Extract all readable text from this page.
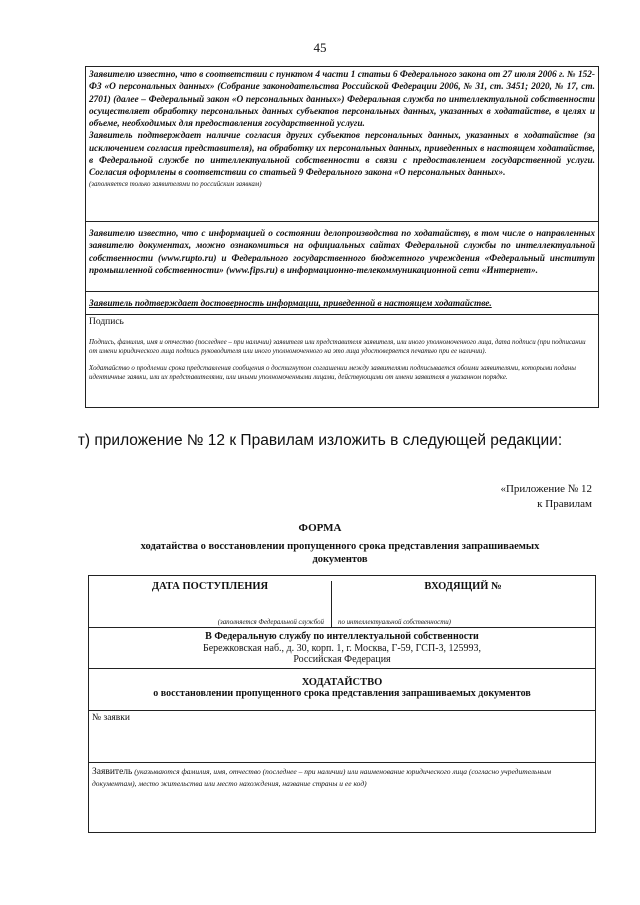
45
Заявителю известно, что в соответствии с пунктом 4 части 1 статьи 6 Федерального закона от 27 июля 2006 г. № 152-ФЗ «О персональных данных» (Собрание законодательства Российской Федерации 2006, № 31, ст. 3451; 2020, № 17, ст. 2701) (далее – Федеральный закон «О персональных данных») Федеральная служба по интеллектуальной собственности осуществляет обработку персональных данных субъектов персональных данных, указанных в ходатайстве, в целях и объеме, необходимых для предоставления государственной услуги.
Заявитель подтверждает наличие согласия других субъектов персональных данных, указанных в ходатайстве (за исключением согласия представителя), на обработку их персональных данных, приведенных в настоящем ходатайстве, в Федеральной службе по интеллектуальной собственности в связи с предоставлением государственной услуги. Согласия оформлены в соответствии со статьей 9 Федерального закона «О персональных данных».
(заполняется только заявителями по российским заявкам)
Заявителю известно, что с информацией о состоянии делопроизводства по ходатайству, в том числе о направленных заявителю документах, можно ознакомиться на официальных сайтах Федеральной службы по интеллектуальной собственности (www.rupto.ru) и Федерального государственного бюджетного учреждения «Федеральный институт промышленной собственности» (www.fips.ru) в информационно-телекоммуникационной сети «Интернет».
Заявитель подтверждает достоверность информации, приведенной в настоящем ходатайстве.
Подпись
Подпись, фамилия, имя и отчество (последнее – при наличии) заявителя или представителя заявителя, или иного уполномоченного лица, дата подписи (при подписании от имени юридического лица подпись руководителя или иного уполномоченного на это лица удостоверяется печатью при ее наличии).
Ходатайство о продлении срока представления сообщения о достигнутом соглашении между заявителями подписывается обоими заявителями, которыми поданы идентичные заявки, или их представителями, или иными уполномоченными лицами, действующими от имени заявителя в указанном порядке.
т) приложение № 12 к Правилам изложить в следующей редакции:
«Приложение № 12
к Правилам
ФОРМА
ходатайства о восстановлении пропущенного срока представления запрашиваемых документов
ДАТА ПОСТУПЛЕНИЯ
(заполняется Федеральной службой
ВХОДЯЩИЙ №
по интеллектуальной собственности)
В Федеральную службу по интеллектуальной собственности
Бережковская наб., д. 30, корп. 1, г. Москва, Г-59, ГСП-3, 125993,
Российская Федерация
ХОДАТАЙСТВО
о восстановлении пропущенного срока представления запрашиваемых документов
№ заявки
Заявитель (указываются фамилия, имя, отчество (последнее – при наличии) или наименование юридического лица (согласно учредительным документам), место жительства или место нахождения, название страны и ее код)
